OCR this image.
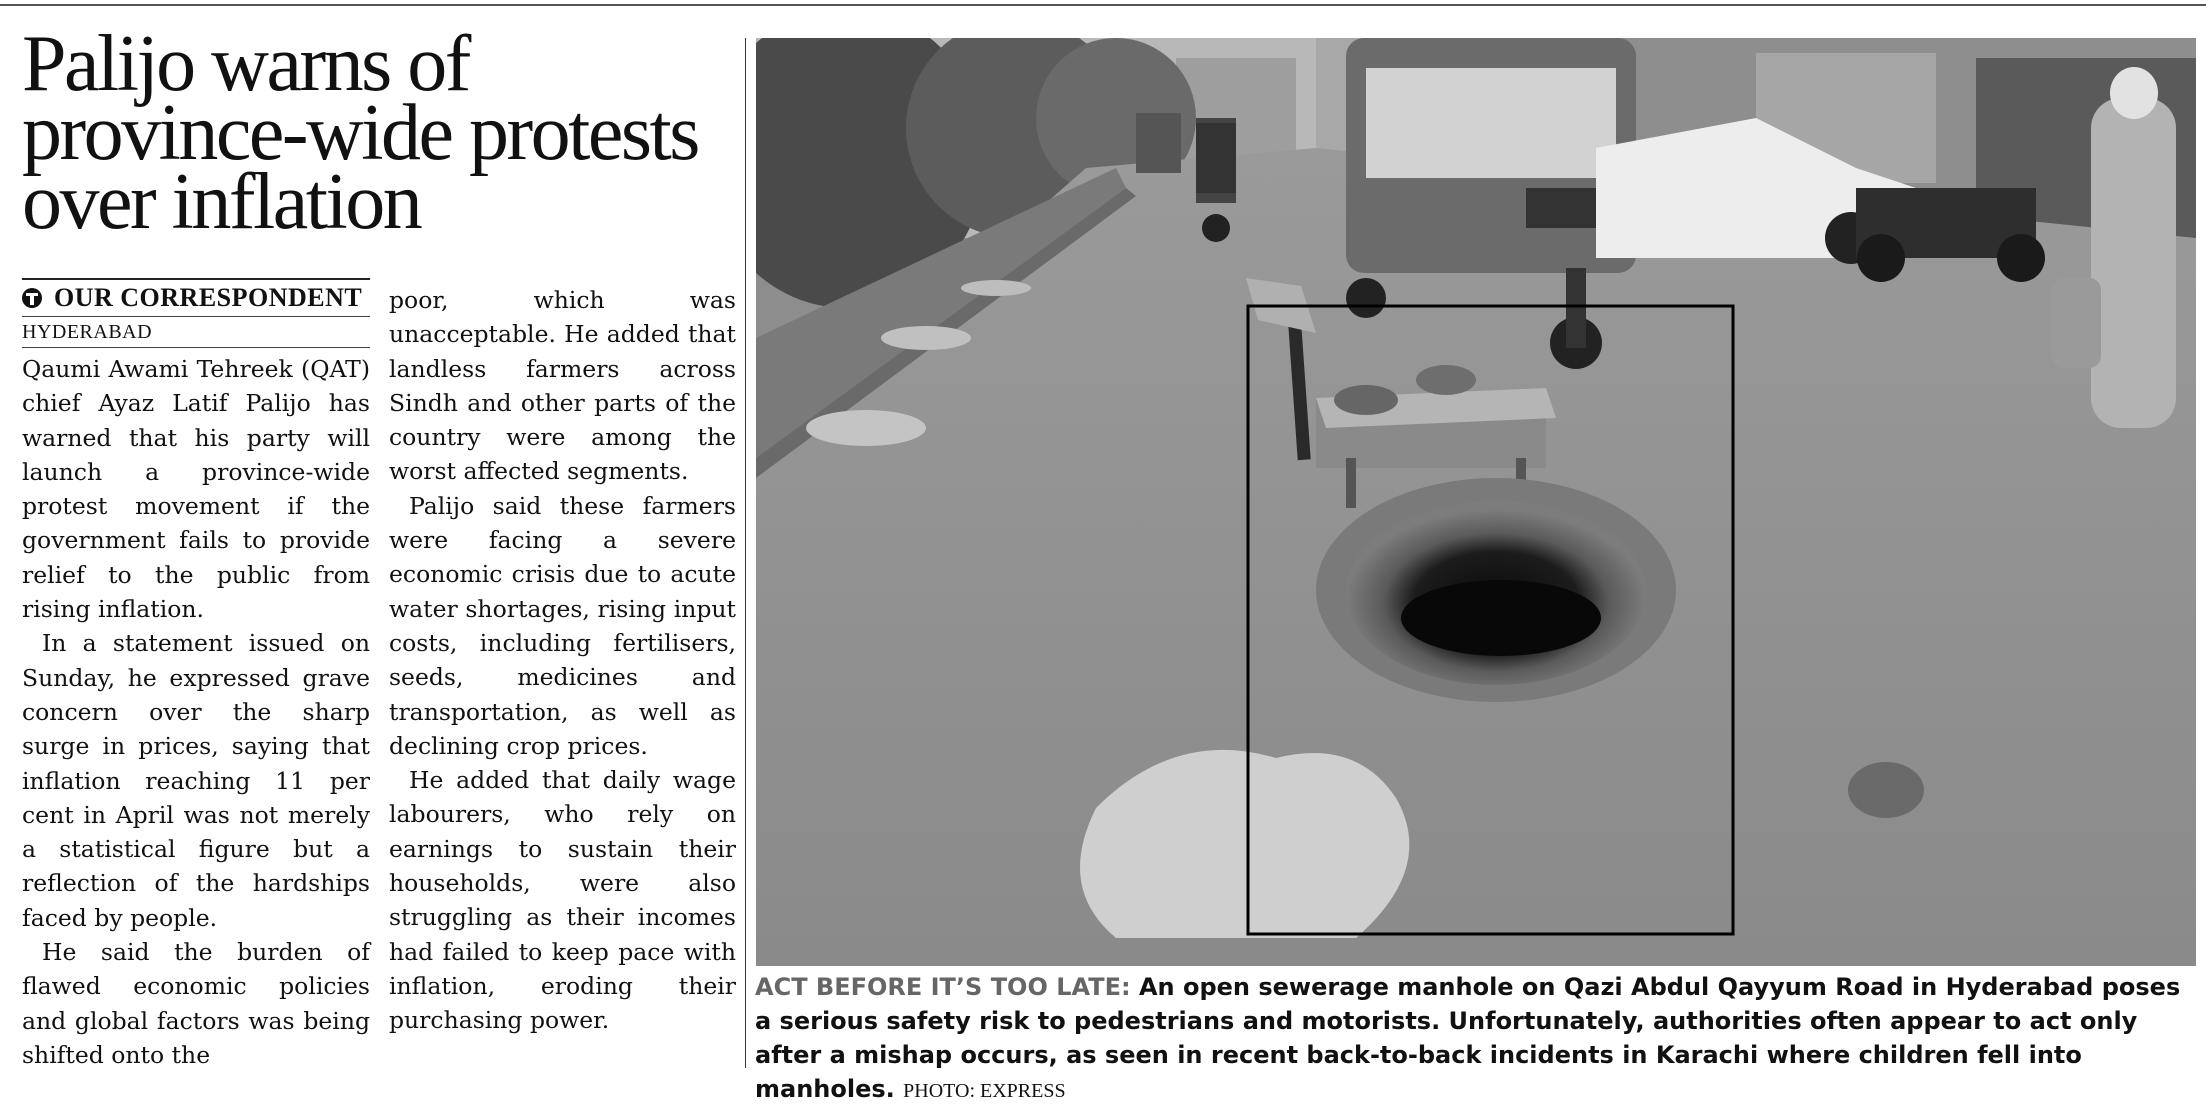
Palijo warns of province-wide protests over inflation
OUR CORRESPONDENT
HYDERABAD

Qaumi Awami Tehreek (QAT) chief Ayaz Latif Palijo has warned that his party will launch a province-wide protest movement if the government fails to provide relief to the public from rising inflation.

In a statement issued on Sunday, he expressed grave concern over the sharp surge in prices, saying that inflation reaching 11 per cent in April was not merely a statistical figure but a reflection of the hardships faced by people.

He said the burden of flawed economic policies and global factors was being shifted onto the

poor, which was unacceptable. He added that landless farmers across Sindh and other parts of the country were among the worst affected segments.

Palijo said these farmers were facing a severe economic crisis due to acute water shortages, rising input costs, including fertilisers, seeds, medicines and transportation, as well as declining crop prices.

He added that daily wage labourers, who rely on earnings to sustain their households, were also struggling as their incomes had failed to keep pace with inflation, eroding their purchasing power.

ACT BEFORE IT’S TOO LATE: An open sewerage manhole on Qazi Abdul Qayyum Road in Hyderabad poses a serious safety risk to pedestrians and motorists. Unfortunately, authorities often appear to act only after a mishap occurs, as seen in recent back-to-back incidents in Karachi where children fell into manholes. PHOTO: EXPRESS
